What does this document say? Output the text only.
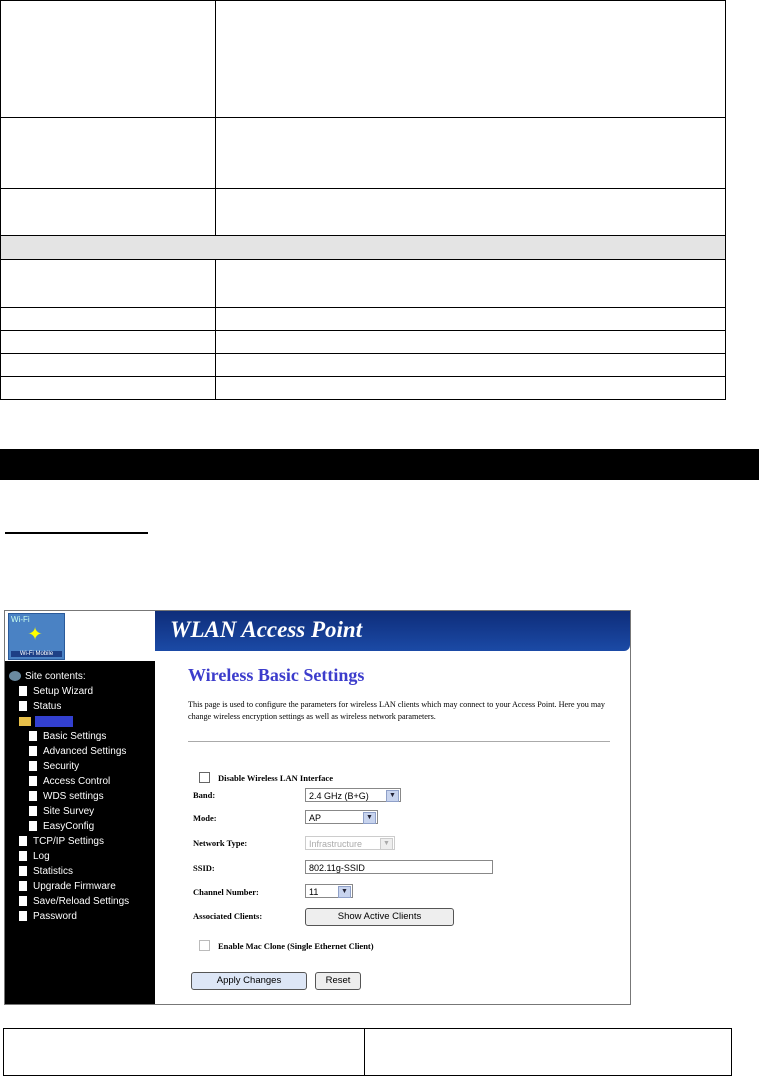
Wi-Fi
✦
Wi-Fi Mobile
WLAN Access Point
Site contents:
Setup Wizard
Status
Wireless
Basic Settings
Advanced Settings
Security
Access Control
WDS settings
Site Survey
EasyConfig
TCP/IP Settings
Log
Statistics
Upgrade Firmware
Save/Reload Settings
Password
Wireless Basic Settings
This page is used to configure the parameters for wireless LAN clients which may connect to your Access Point. Here you may change wireless encryption settings as well as wireless network parameters.
Disable Wireless LAN Interface
Band:	2.4 GHz (B+G)	▼
Mode:	AP	▼
Network Type:	Infrastructure	▼
SSID:	802.11g-SSID
Channel Number:	11	▼
Associated Clients:	Show Active Clients
Enable Mac Clone (Single Ethernet Client)
Apply Changes	Reset
